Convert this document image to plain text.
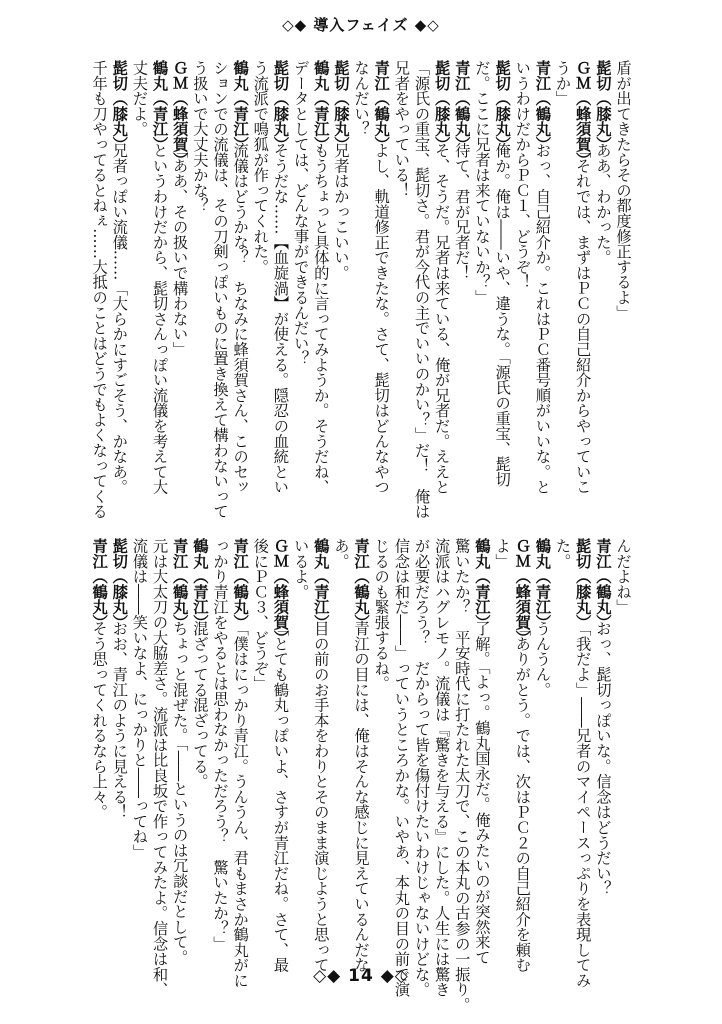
◇◆ 導入フェイズ ◆◇
盾が出てきたらその都度修正するよ」
髭切（膝丸）ああ、わかった。
ＧＭ（蜂須賀）「それでは、まずはＰＣの自己紹介からやっていこ
うか」
青江（鶴丸）おっ、自己紹介か。これはＰＣ番号順がいいな。と
いうわけだからＰＣ１、どうぞ！
髭切（膝丸）俺か。俺は――いや、違うな。「源氏の重宝、髭切
だ。ここに兄者は来ていないか？」
青江（鶴丸）待て、君が兄者だ！
髭切（膝丸）そ、そうだ。兄者は来ている、俺が兄者だ。ええと
「源氏の重宝、髭切さ。君が今代の主でいいのかい？」だ！　俺は
兄者をやっている！
青江（鶴丸）よし、軌道修正できたな。さて、髭切はどんなやつ
なんだい？
髭切（膝丸）兄者はかっこいい。
鶴丸（青江）もうちょっと具体的に言ってみようか。そうだね、
データとしては、どんな事ができるんだい？
髭切（膝丸）そうだな……【血旋渦】が使える。隠忍の血統とい
う流派で鳴狐が作ってくれた。
鶴丸（青江）流儀はどうかな？　ちなみに蜂須賀さん、このセッ
ションでの流儀は、その刀剣っぽいものに置き換えて構わないって
う扱いで大丈夫かな？
ＧＭ（蜂須賀）「ああ、その扱いで構わない」
鶴丸（青江）というわけだから、髭切さんっぽい流儀を考えて大
丈夫だよ。
髭切（膝丸）兄者っぽい流儀……「大らかにすごそう、かなあ。
千年も刀やってるとねぇ……大抵のことはどうでもよくなってくる
んだよね」
青江（鶴丸）おっ、髭切っぽいな。信念はどうだい？
髭切（膝丸）「我だよ」――兄者のマイペースっぷりを表現してみ
た。
鶴丸（青江）うんうん。
ＧＭ（蜂須賀）「ありがとう。では、次はＰＣ２の自己紹介を頼む
よ」
鶴丸（青江）了解。「よっ。鶴丸国永だ。俺みたいのが突然来て
驚いたか？　平安時代に打たれた太刀で、この本丸の古参の一振り。
流派はハグレモノ。流儀は『驚きを与える』にした。人生には驚き
が必要だろう？　だからって皆を傷付けたいわけじゃないけどな。
信念は和だ――」っていうところかな。いやあ、本丸の目の前で演
じるのも緊張するね。
青江（鶴丸）青江の目には、俺はそんな感じに見えているんだな
あ。
鶴丸（青江）目の前のお手本をわりとそのまま演じようと思って
いるよ。
ＧＭ（蜂須賀）「とても鶴丸っぽいよ、さすが青江だね。さて、最
後にＰＣ３、どうぞ」
青江（鶴丸）「僕はにっかり青江。うんうん、君もまさか鶴丸がに
っかり青江をやるとは思わなかっただろう？　驚いたか？」
鶴丸（青江）混ざってる混ざってる。
青江（鶴丸）ちょっと混ぜた。「――というのは冗談だとして。
元は大太刀の大脇差さ。流派は比良坂で作ってみたよ。信念は和、
流儀は――笑いなよ、にっかりと――ってね」
髭切（膝丸）おお、青江のように見える！
青江（鶴丸）そう思ってくれるなら上々。
◇◆ 14 ◆◇
